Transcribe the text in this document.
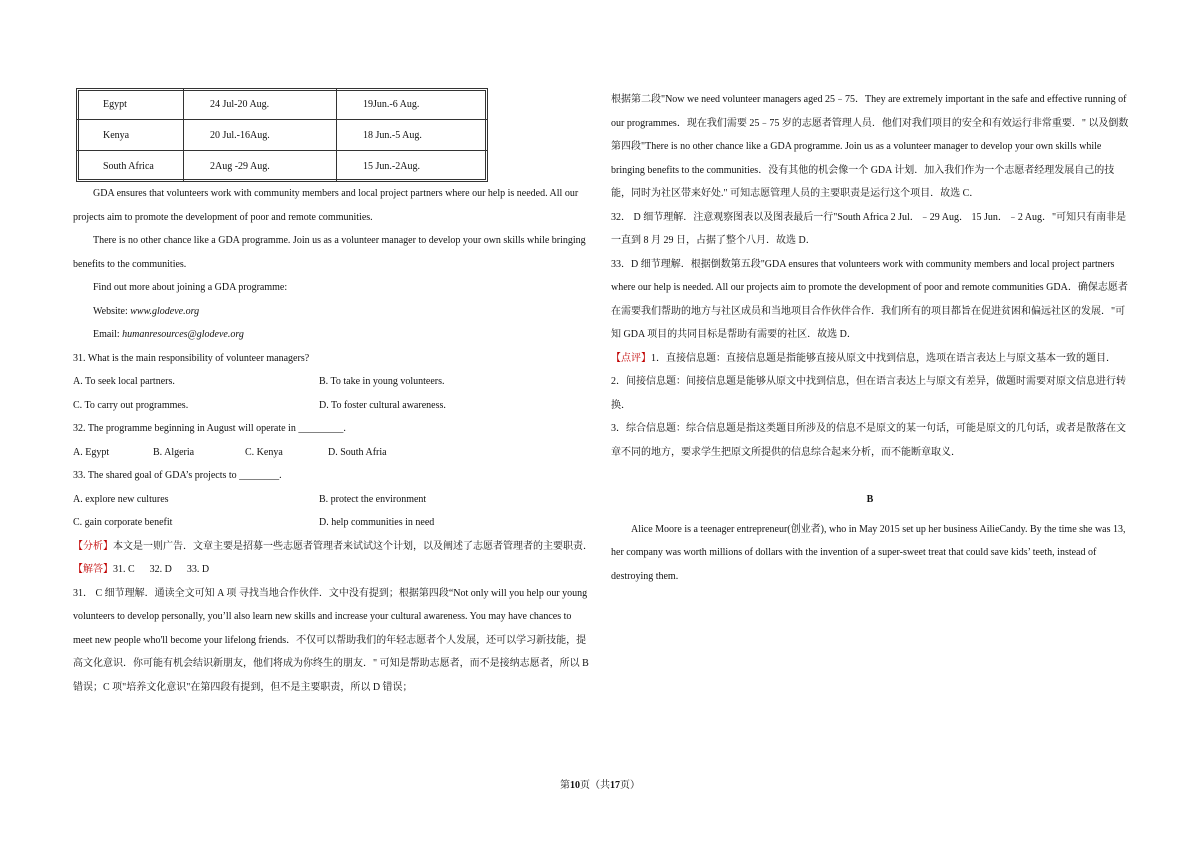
Egypt	24 Jul-20 Aug.	19Jun.-6 Aug.
Kenya	20 Jul.-16Aug.	18 Jun.-5 Aug.
South Africa	2Aug -29 Aug.	15 Jun.-2Aug.

GDA ensures that volunteers work with community members and local project partners where our help is needed. All our projects aim to promote the development of poor and remote communities.

There is no other chance like a GDA programme. Join us as a volunteer manager to develop your own skills while bringing benefits to the communities.

Find out more about joining a GDA programme:

Website: www.glodeve.org

Email: humanresources@glodeve.org

31. What is the main responsibility of volunteer managers?

A. To seek local partners.	B. To take in young volunteers.
C. To carry out programmes.	D. To foster cultural awareness.

32. The programme beginning in August will operate in _________.

A. Egypt	B. Algeria	C. Kenya	D. South Afria

33. The shared goal of GDA’s projects to ________.

A. explore new cultures	B. protect the environment
C. gain corporate benefit	D. help communities in need

【分析】本文是一则广告．文章主要是招募一些志愿者管理者来试试这个计划，以及阐述了志愿者管理者的主要职责．

【解答】31. C      32. D      33. D

31． C 细节理解．通读全文可知 A 项 寻找当地合作伙伴．文中没有提到；根据第四段“Not only will you help our young volunteers to develop personally, you’ll also learn new skills and increase your cultural awareness. You may have chances to meet new people who'll become your lifelong friends．不仅可以帮助我们的年轻志愿者个人发展，还可以学习新技能，提高文化意识．你可能有机会结识新朋友，他们将成为你终生的朋友．" 可知是帮助志愿者，而不是接纳志愿者，所以 B 错误；C 项"培养文化意识"在第四段有提到，但不是主要职责，所以 D 错误；

根据第二段"Now we need volunteer managers aged 25﹣75．They are extremely important in the safe and effective running of our programmes．现在我们需要 25﹣75 岁的志愿者管理人员．他们对我们项目的安全和有效运行非常重要．" 以及倒数第四段"There is no other chance like a GDA programme. Join us as a volunteer manager to develop your own skills while bringing benefits to the communities．没有其他的机会像一个 GDA 计划．加入我们作为一个志愿者经理发展自己的技能，同时为社区带来好处." 可知志愿管理人员的主要职责是运行这个项目．故选 C．

32． D 细节理解．注意观察图表以及图表最后一行"South Africa 2 Jul．﹣29 Aug． 15 Jun．﹣2 Aug．"可知只有南非是一直到 8 月 29 日，占据了整个八月．故选 D．

33．D 细节理解．根据倒数第五段"GDA ensures that volunteers work with community members and local project partners where our help is needed. All our projects aim to promote the development of poor and remote communities GDA．确保志愿者在需要我们帮助的地方与社区成员和当地项目合作伙伴合作．我们所有的项目都旨在促进贫困和偏远社区的发展．"可知 GDA 项目的共同目标是帮助有需要的社区．故选 D．

【点评】1．直接信息题：直接信息题是指能够直接从原文中找到信息，选项在语言表达上与原文基本一致的题目．

2．间接信息题：间接信息题是能够从原文中找到信息，但在语言表达上与原文有差异，做题时需要对原文信息进行转换．

3．综合信息题：综合信息题是指这类题目所涉及的信息不是原文的某一句话，可能是原文的几句话，或者是散落在文章不同的地方，要求学生把原文所提供的信息综合起来分析，而不能断章取义．

B

Alice Moore is a teenager entrepreneur(创业者), who in May 2015 set up her business AilieCandy. By the time she was 13, her company was worth millions of dollars with the invention of a super-sweet treat that could save kids’ teeth, instead of destroying them.

第10页（共17页）
